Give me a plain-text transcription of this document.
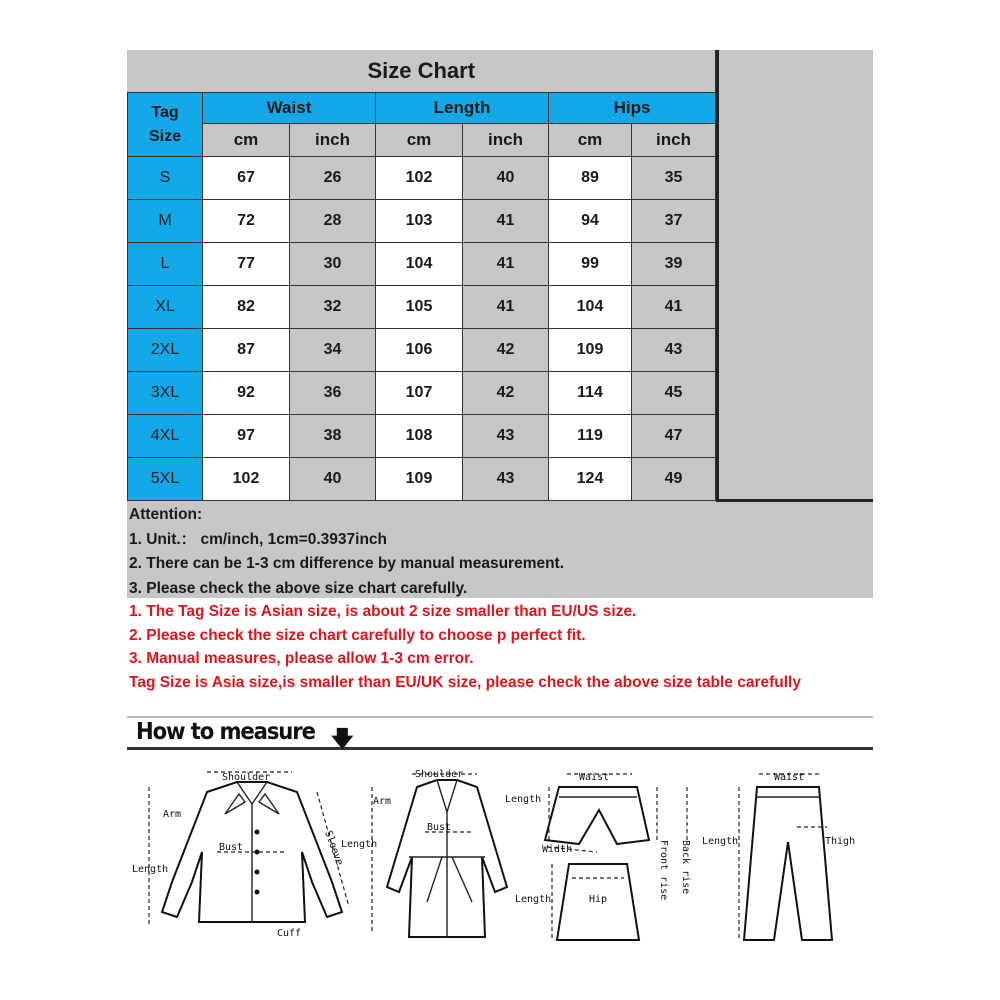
Size Chart						

Tag
Size	Waist		Length		Hips	
	cm	inch	cm	inch	cm	inch
S	67	26	102	40	89	35
M	72	28	103	41	94	37
L	77	30	104	41	99	39
XL	82	32	105	41	104	41
2XL	87	34	106	42	109	43
3XL	92	36	107	42	114	45
4XL	97	38	108	43	119	47
5XL	102	40	109	43	124	49
Attention:
1. Unit.： cm/inch, 1cm=0.3937inch
2. There can be 1-3 cm difference by manual measurement.
3. Please check the above size chart carefully.
1. The Tag Size is Asian size, is about 2 size smaller than EU/US size.
2. Please check the size chart carefully to choose p perfect fit.
3. Manual measures, please allow 1-3 cm error.
Tag Size is Asia size,is smaller than EU/UK size, please check the above size table carefully
How to measure 🡇
Shoulder
Arm
Bust
Length
Sleeve
Cuff
Shoulder
Arm
Bust
Length
Waist
Length
Width	Front rise Back rise
Length	Hip
Waist
Length	Thigh
